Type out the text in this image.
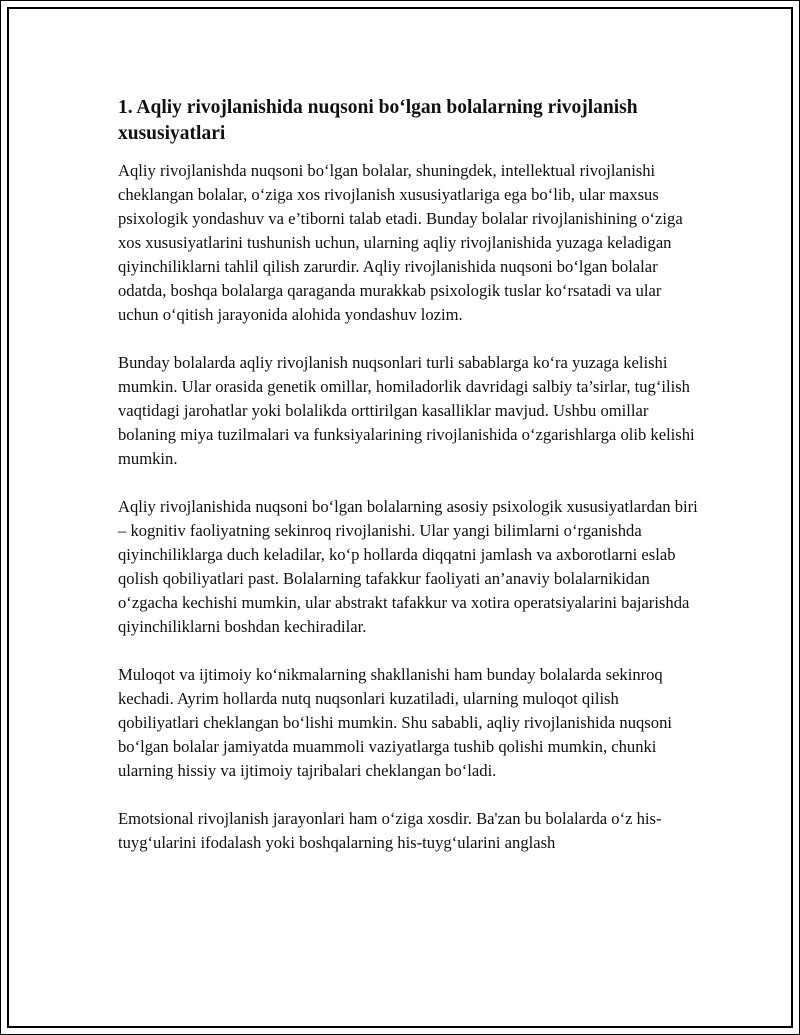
1. Aqliy rivojlanishida nuqsoni bo‘lgan bolalarning rivojlanish xususiyatlari

Aqliy rivojlanishda nuqsoni bo‘lgan bolalar, shuningdek, intellektual rivojlanishi cheklangan bolalar, o‘ziga xos rivojlanish xususiyatlariga ega bo‘lib, ular maxsus psixologik yondashuv va e’tiborni talab etadi. Bunday bolalar rivojlanishining o‘ziga xos xususiyatlarini tushunish uchun, ularning aqliy rivojlanishida yuzaga keladigan qiyinchiliklarni tahlil qilish zarurdir. Aqliy rivojlanishida nuqsoni bo‘lgan bolalar odatda, boshqa bolalarga qaraganda murakkab psixologik tuslar ko‘rsatadi va ular uchun o‘qitish jarayonida alohida yondashuv lozim.

Bunday bolalarda aqliy rivojlanish nuqsonlari turli sabablarga ko‘ra yuzaga kelishi mumkin. Ular orasida genetik omillar, homiladorlik davridagi salbiy ta’sirlar, tug‘ilish vaqtidagi jarohatlar yoki bolalikda orttirilgan kasalliklar mavjud. Ushbu omillar bolaning miya tuzilmalari va funksiyalarining rivojlanishida o‘zgarishlarga olib kelishi mumkin.

Aqliy rivojlanishida nuqsoni bo‘lgan bolalarning asosiy psixologik xususiyatlardan biri – kognitiv faoliyatning sekinroq rivojlanishi. Ular yangi bilimlarni o‘rganishda qiyinchiliklarga duch keladilar, ko‘p hollarda diqqatni jamlash va axborotlarni eslab qolish qobiliyatlari past. Bolalarning tafakkur faoliyati an’anaviy bolalarnikidan o‘zgacha kechishi mumkin, ular abstrakt tafakkur va xotira operatsiyalarini bajarishda qiyinchiliklarni boshdan kechiradilar.

Muloqot va ijtimoiy ko‘nikmalarning shakllanishi ham bunday bolalarda sekinroq kechadi. Ayrim hollarda nutq nuqsonlari kuzatiladi, ularning muloqot qilish qobiliyatlari cheklangan bo‘lishi mumkin. Shu sababli, aqliy rivojlanishida nuqsoni bo‘lgan bolalar jamiyatda muammoli vaziyatlarga tushib qolishi mumkin, chunki ularning hissiy va ijtimoiy tajribalari cheklangan bo‘ladi.

Emotsional rivojlanish jarayonlari ham o‘ziga xosdir. Ba'zan bu bolalarda o‘z his-tuyg‘ularini ifodalash yoki boshqalarning his-tuyg‘ularini anglash
